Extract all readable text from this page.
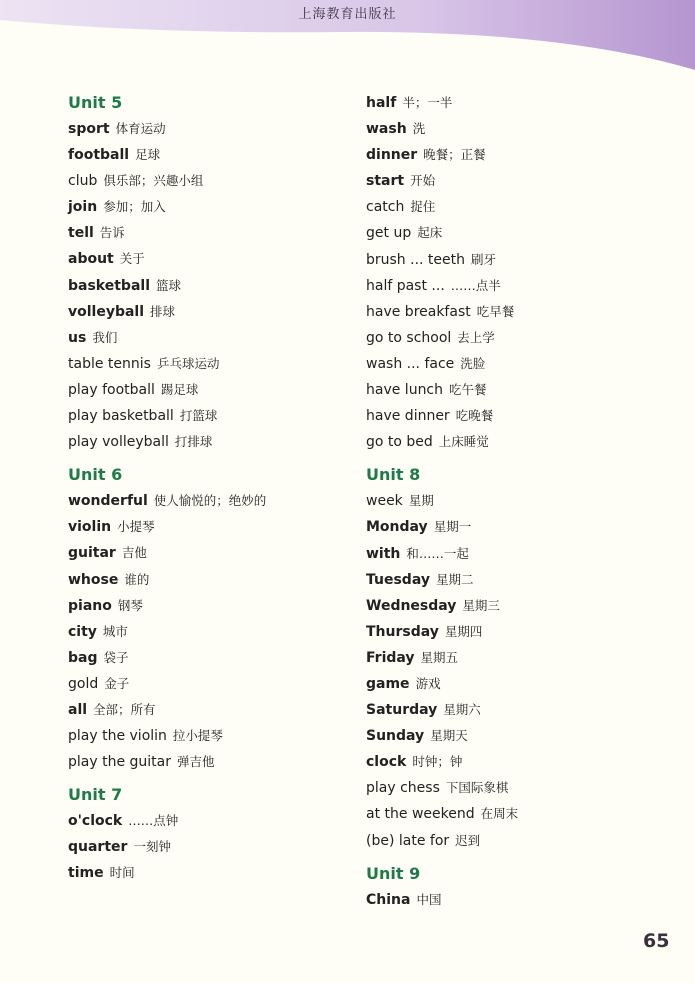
上海教育出版社
Unit 5
sport 体育运动
football 足球
club 俱乐部；兴趣小组
join 参加；加入
tell 告诉
about 关于
basketball 篮球
volleyball 排球
us 我们
table tennis 乒乓球运动
play football 踢足球
play basketball 打篮球
play volleyball 打排球
Unit 6
wonderful 使人愉悦的；绝妙的
violin 小提琴
guitar 吉他
whose 谁的
piano 钢琴
city 城市
bag 袋子
gold 金子
all 全部；所有
play the violin 拉小提琴
play the guitar 弹吉他
Unit 7
o'clock ……点钟
quarter 一刻钟
time 时间
half 半；一半
wash 洗
dinner 晚餐；正餐
start 开始
catch 捉住
get up 起床
brush ... teeth 刷牙
half past ... ……点半
have breakfast 吃早餐
go to school 去上学
wash ... face 洗脸
have lunch 吃午餐
have dinner 吃晚餐
go to bed 上床睡觉
Unit 8
week 星期
Monday 星期一
with 和……一起
Tuesday 星期二
Wednesday 星期三
Thursday 星期四
Friday 星期五
game 游戏
Saturday 星期六
Sunday 星期天
clock 时钟；钟
play chess 下国际象棋
at the weekend 在周末
(be) late for 迟到
Unit 9
China 中国
65
